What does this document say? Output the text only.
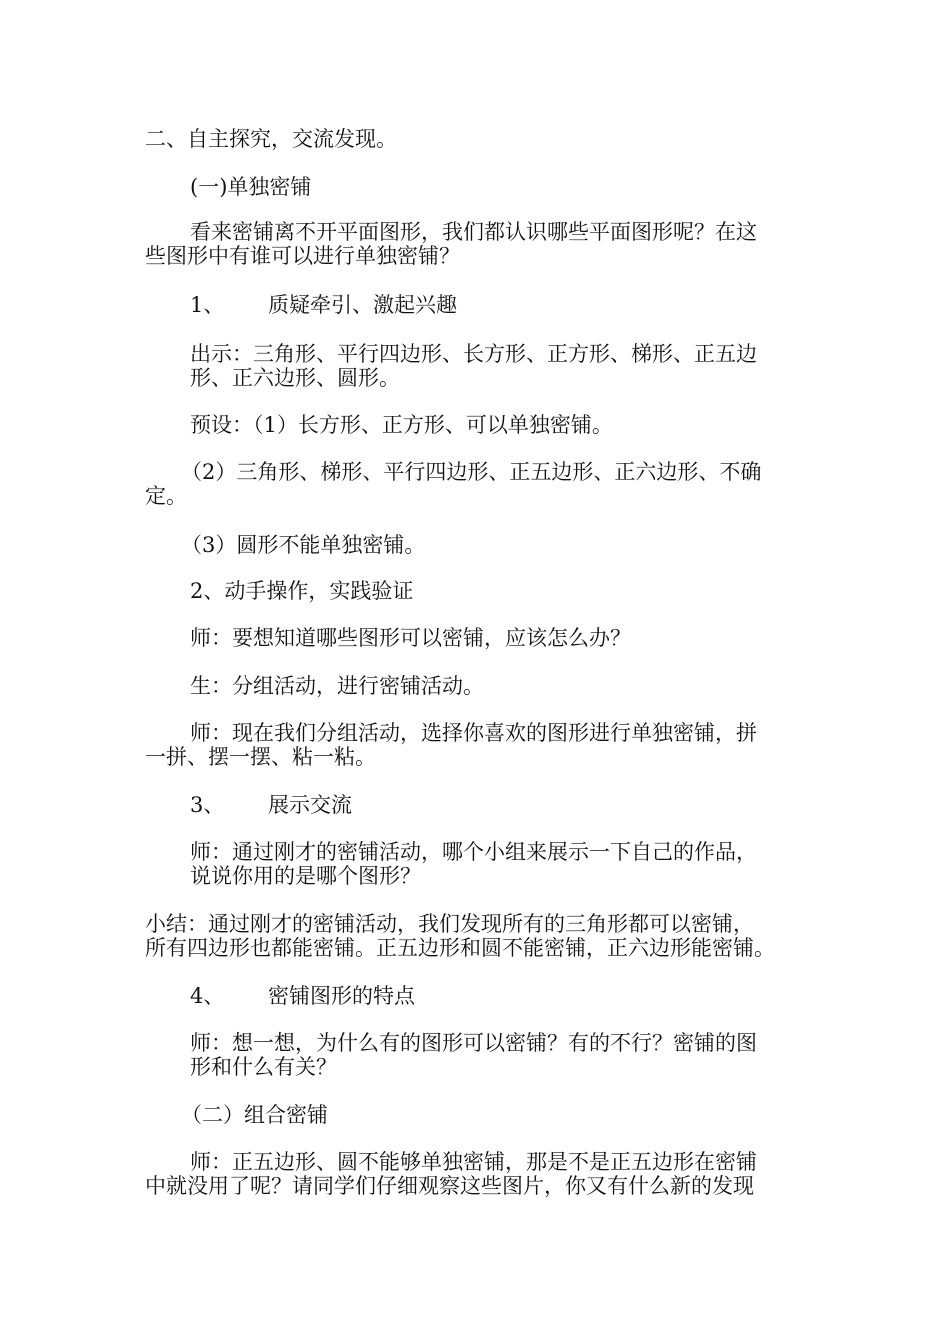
二、自主探究，交流发现。

(一)单独密铺

看来密铺离不开平面图形，我们都认识哪些平面图形呢？在这
些图形中有谁可以进行单独密铺？

1、 质疑牵引、激起兴趣

出示：三角形、平行四边形、长方形、正方形、梯形、正五边
形、正六边形、圆形。

预设：（1）长方形、正方形、可以单独密铺。

（2）三角形、梯形、平行四边形、正五边形、正六边形、不确
定。

（3）圆形不能单独密铺。

2、动手操作，实践验证

师：要想知道哪些图形可以密铺，应该怎么办？

生：分组活动，进行密铺活动。

师：现在我们分组活动，选择你喜欢的图形进行单独密铺，拼
一拼、摆一摆、粘一粘。

3、 展示交流

师：通过刚才的密铺活动，哪个小组来展示一下自己的作品，
说说你用的是哪个图形？

小结：通过刚才的密铺活动，我们发现所有的三角形都可以密铺，
所有四边形也都能密铺。正五边形和圆不能密铺，正六边形能密铺。

4、 密铺图形的特点

师：想一想，为什么有的图形可以密铺？有的不行？密铺的图
形和什么有关？

（二）组合密铺

师：正五边形、圆不能够单独密铺，那是不是正五边形在密铺
中就没用了呢？请同学们仔细观察这些图片，你又有什么新的发现
